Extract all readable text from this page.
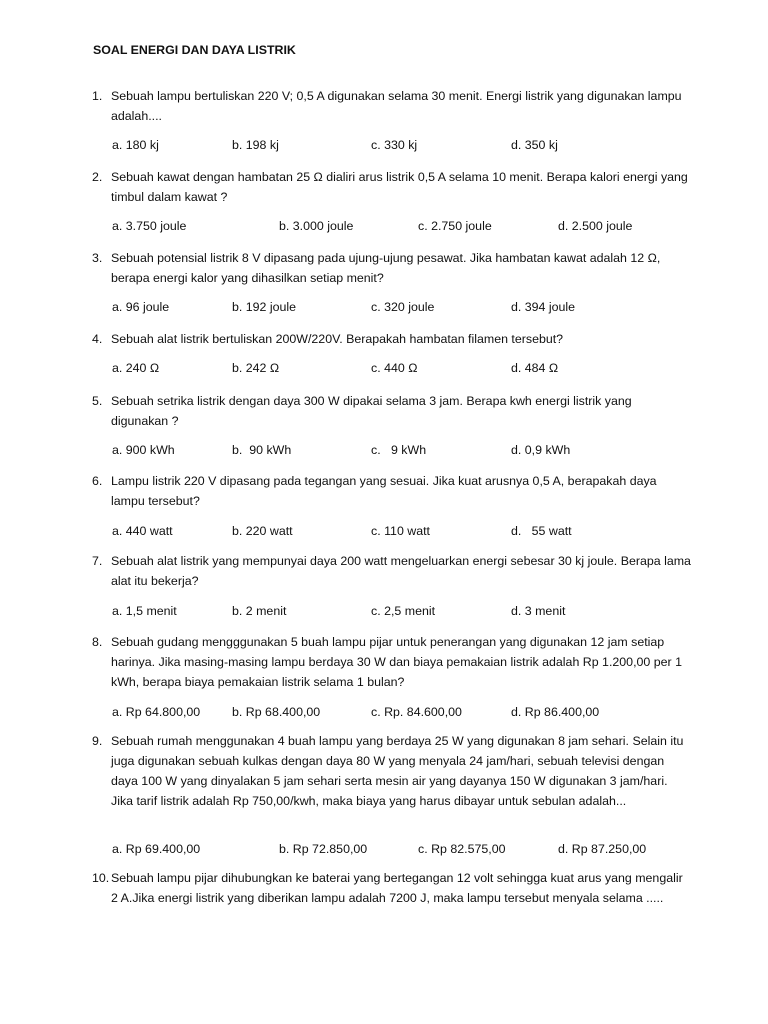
SOAL ENERGI DAN DAYA LISTRIK
1. Sebuah lampu bertuliskan 220 V; 0,5 A digunakan selama 30 menit. Energi listrik yang digunakan lampu adalah....
a. 180 kj	b. 198 kj	c. 330 kj	d. 350 kj
2. Sebuah kawat dengan hambatan 25 Ω dialiri arus listrik 0,5 A selama 10 menit. Berapa kalori energi yang timbul dalam kawat ?
a. 3.750 joule	b. 3.000 joule	c. 2.750 joule	d. 2.500 joule
3. Sebuah potensial listrik 8 V dipasang pada ujung-ujung pesawat. Jika hambatan kawat adalah 12 Ω, berapa energi kalor yang dihasilkan setiap menit?
a. 96 joule	b. 192 joule	c. 320 joule	d. 394 joule
4. Sebuah alat listrik bertuliskan 200W/220V. Berapakah hambatan filamen tersebut?
a. 240 Ω	b. 242 Ω	c. 440 Ω	d. 484 Ω
5. Sebuah setrika listrik dengan daya 300 W dipakai selama 3 jam. Berapa kwh energi listrik yang digunakan ?
a. 900 kWh	b.  90 kWh	c.   9 kWh	d. 0,9 kWh
6. Lampu listrik 220 V dipasang pada tegangan yang sesuai. Jika kuat arusnya 0,5 A, berapakah daya lampu tersebut?
a. 440 watt	b. 220 watt	c. 110 watt	d.   55 watt
7. Sebuah alat listrik yang mempunyai daya 200 watt mengeluarkan energi sebesar 30 kj joule. Berapa lama alat itu bekerja?
a. 1,5 menit	b. 2 menit	c. 2,5 menit	d. 3 menit
8. Sebuah gudang mengggunakan 5 buah lampu pijar untuk penerangan yang digunakan 12 jam setiap harinya. Jika masing-masing lampu berdaya 30 W dan biaya pemakaian listrik adalah Rp 1.200,00 per 1 kWh, berapa biaya pemakaian listrik selama 1 bulan?
a. Rp 64.800,00	b. Rp 68.400,00	c. Rp. 84.600,00	d. Rp 86.400,00
9. Sebuah rumah menggunakan 4 buah lampu yang berdaya 25 W yang digunakan 8 jam sehari. Selain itu juga digunakan sebuah kulkas dengan daya 80 W yang menyala 24 jam/hari, sebuah televisi dengan daya 100 W yang dinyalakan 5 jam sehari serta mesin air yang dayanya 150 W digunakan 3 jam/hari. Jika tarif listrik adalah Rp 750,00/kwh, maka biaya yang harus dibayar untuk sebulan adalah...
a. Rp 69.400,00	b. Rp 72.850,00	c. Rp 82.575,00	d. Rp 87.250,00
10. Sebuah lampu pijar dihubungkan ke baterai yang bertegangan 12 volt sehingga kuat arus yang mengalir 2 A.Jika energi listrik yang diberikan lampu adalah 7200 J, maka lampu tersebut menyala selama .....
